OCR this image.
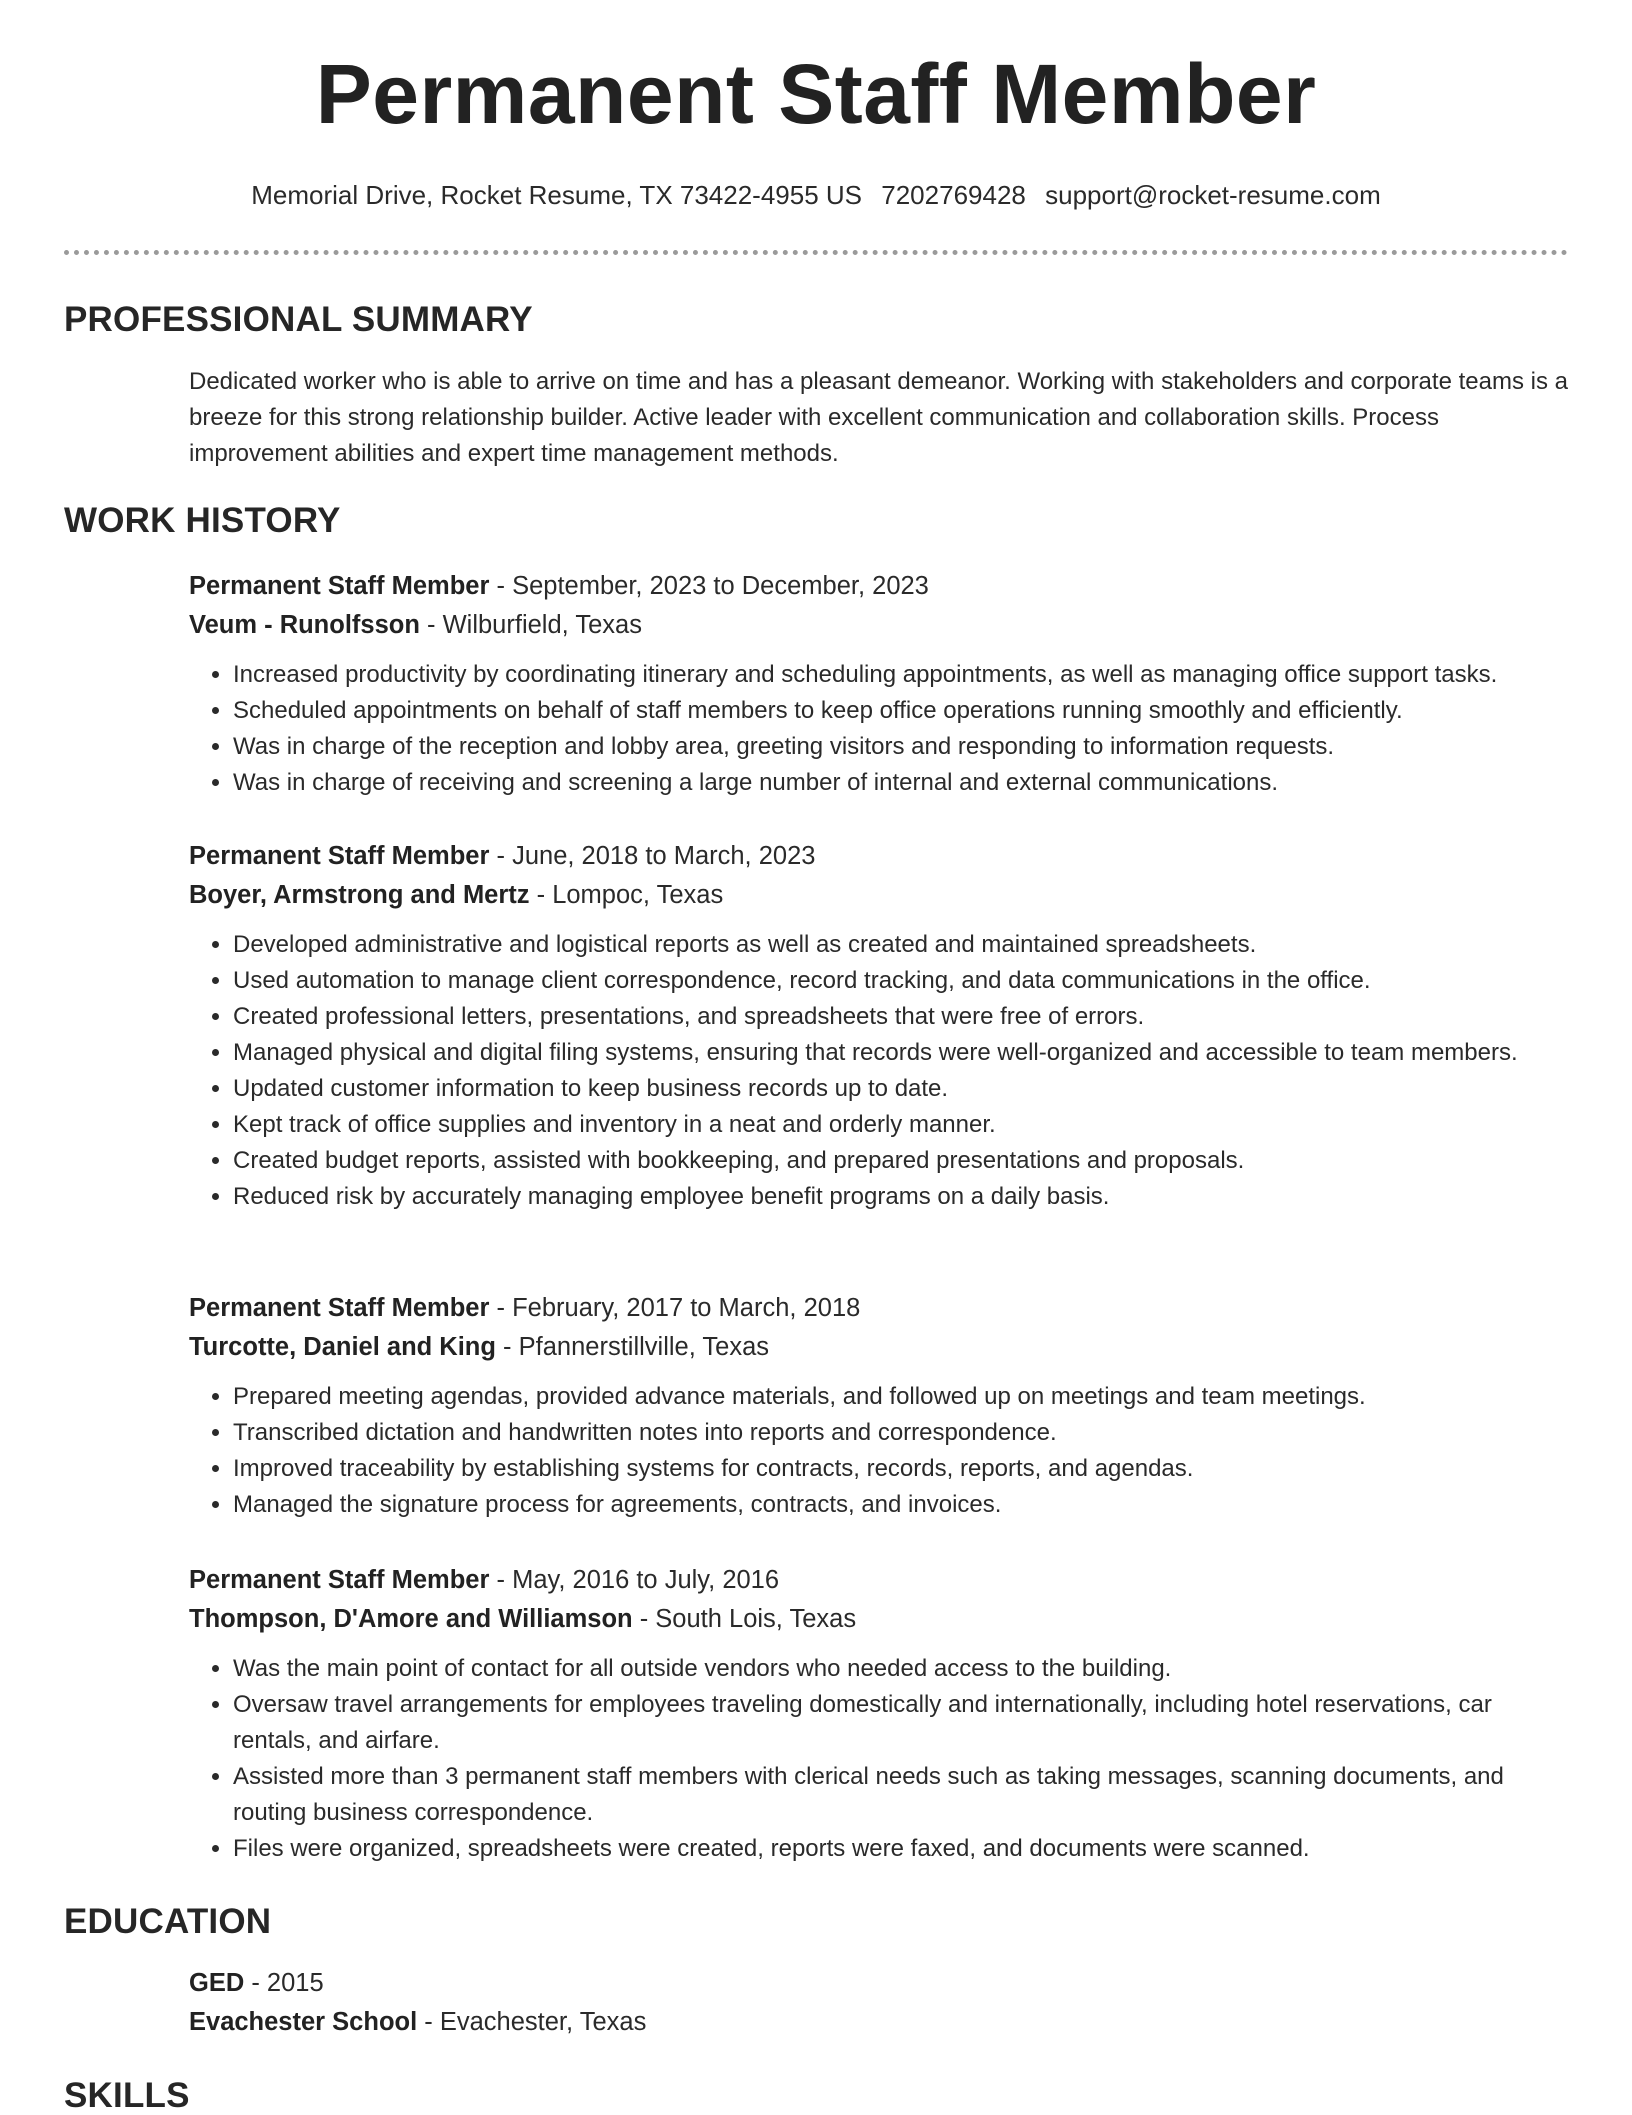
Permanent Staff Member
Memorial Drive, Rocket Resume, TX 73422-4955 US 7202769428 support@rocket-resume.com
PROFESSIONAL SUMMARY
Dedicated worker who is able to arrive on time and has a pleasant demeanor. Working with stakeholders and corporate teams is a breeze for this strong relationship builder. Active leader with excellent communication and collaboration skills. Process improvement abilities and expert time management methods.
WORK HISTORY
Permanent Staff Member - September, 2023 to December, 2023
Veum - Runolfsson - Wilburfield, Texas
• Increased productivity by coordinating itinerary and scheduling appointments, as well as managing office support tasks.
• Scheduled appointments on behalf of staff members to keep office operations running smoothly and efficiently.
• Was in charge of the reception and lobby area, greeting visitors and responding to information requests.
• Was in charge of receiving and screening a large number of internal and external communications.
Permanent Staff Member - June, 2018 to March, 2023
Boyer, Armstrong and Mertz - Lompoc, Texas
• Developed administrative and logistical reports as well as created and maintained spreadsheets.
• Used automation to manage client correspondence, record tracking, and data communications in the office.
• Created professional letters, presentations, and spreadsheets that were free of errors.
• Managed physical and digital filing systems, ensuring that records were well-organized and accessible to team members.
• Updated customer information to keep business records up to date.
• Kept track of office supplies and inventory in a neat and orderly manner.
• Created budget reports, assisted with bookkeeping, and prepared presentations and proposals.
• Reduced risk by accurately managing employee benefit programs on a daily basis.
Permanent Staff Member - February, 2017 to March, 2018
Turcotte, Daniel and King - Pfannerstillville, Texas
• Prepared meeting agendas, provided advance materials, and followed up on meetings and team meetings.
• Transcribed dictation and handwritten notes into reports and correspondence.
• Improved traceability by establishing systems for contracts, records, reports, and agendas.
• Managed the signature process for agreements, contracts, and invoices.
Permanent Staff Member - May, 2016 to July, 2016
Thompson, D'Amore and Williamson - South Lois, Texas
• Was the main point of contact for all outside vendors who needed access to the building.
• Oversaw travel arrangements for employees traveling domestically and internationally, including hotel reservations, car rentals, and airfare.
• Assisted more than 3 permanent staff members with clerical needs such as taking messages, scanning documents, and routing business correspondence.
• Files were organized, spreadsheets were created, reports were faxed, and documents were scanned.
EDUCATION
GED - 2015
Evachester School - Evachester, Texas
SKILLS
